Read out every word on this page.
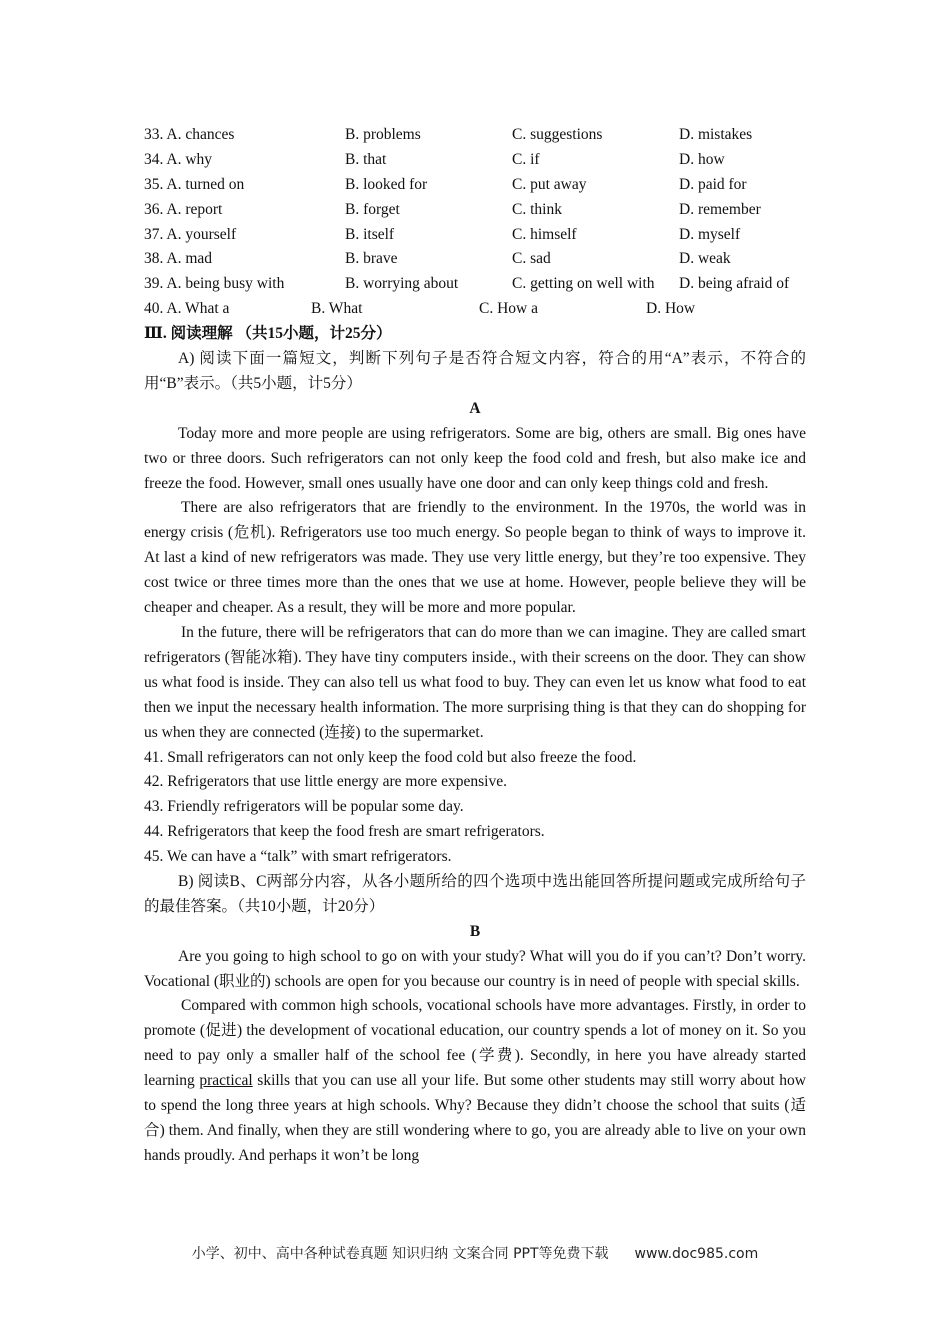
33. A. chances	B. problems	C. suggestions	D. mistakes
34. A. why	B. that	C. if	D. how
35. A. turned on	B. looked for	C. put away	D. paid for
36. A. report	B. forget	C. think	D. remember
37. A. yourself	B. itself	C. himself	D. myself
38. A. mad	B. brave	C. sad	D. weak
39. A. being busy with	B. worrying about	C. getting on well with	D. being afraid of
40. A. What a	B. What	C. How a	D. How
Ⅲ. 阅读理解 （共15小题，计25分）

A) 阅读下面一篇短文，判断下列句子是否符合短文内容，符合的用“A”表示，不符合的用“B”表示。（共5小题，计5分）

A

Today more and more people are using refrigerators. Some are big, others are small. Big ones have two or three doors. Such refrigerators can not only keep the food cold and fresh, but also make ice and freeze the food. However, small ones usually have one door and can only keep things cold and fresh.

There are also refrigerators that are friendly to the environment. In the 1970s, the world was in energy crisis (危机). Refrigerators use too much energy. So people began to think of ways to improve it. At last a kind of new refrigerators was made. They use very little energy, but they’re too expensive. They cost twice or three times more than the ones that we use at home. However, people believe they will be cheaper and cheaper. As a result, they will be more and more popular.

In the future, there will be refrigerators that can do more than we can imagine. They are called smart refrigerators (智能冰箱). They have tiny computers inside., with their screens on the door. They can show us what food is inside. They can also tell us what food to buy. They can even let us know what food to eat then we input the necessary health information. The more surprising thing is that they can do shopping for us when they are connected (连接) to the supermarket.

41. Small refrigerators can not only keep the food cold but also freeze the food.

42. Refrigerators that use little energy are more expensive.

43. Friendly refrigerators will be popular some day.

44. Refrigerators that keep the food fresh are smart refrigerators.

45. We can have a “talk” with smart refrigerators.

B) 阅读B、C两部分内容，从各小题所给的四个选项中选出能回答所提问题或完成所给句子的最佳答案。（共10小题，计20分）

B

Are you going to high school to go on with your study? What will you do if you can’t? Don’t worry. Vocational (职业的) schools are open for you because our country is in need of people with special skills.

Compared with common high schools, vocational schools have more advantages. Firstly, in order to promote (促进) the development of vocational education, our country spends a lot of money on it. So you need to pay only a smaller half of the school fee (学费). Secondly, in here you have already started learning practical skills that you can use all your life. But some other students may still worry about how to spend the long three years at high schools. Why? Because they didn’t choose the school that suits (适合) them. And finally, when they are still wondering where to go, you are already able to live on your own hands proudly. And perhaps it won’t be long

小学、初中、高中各种试卷真题 知识归纳 文案合同 PPT等免费下载 www.doc985.com
